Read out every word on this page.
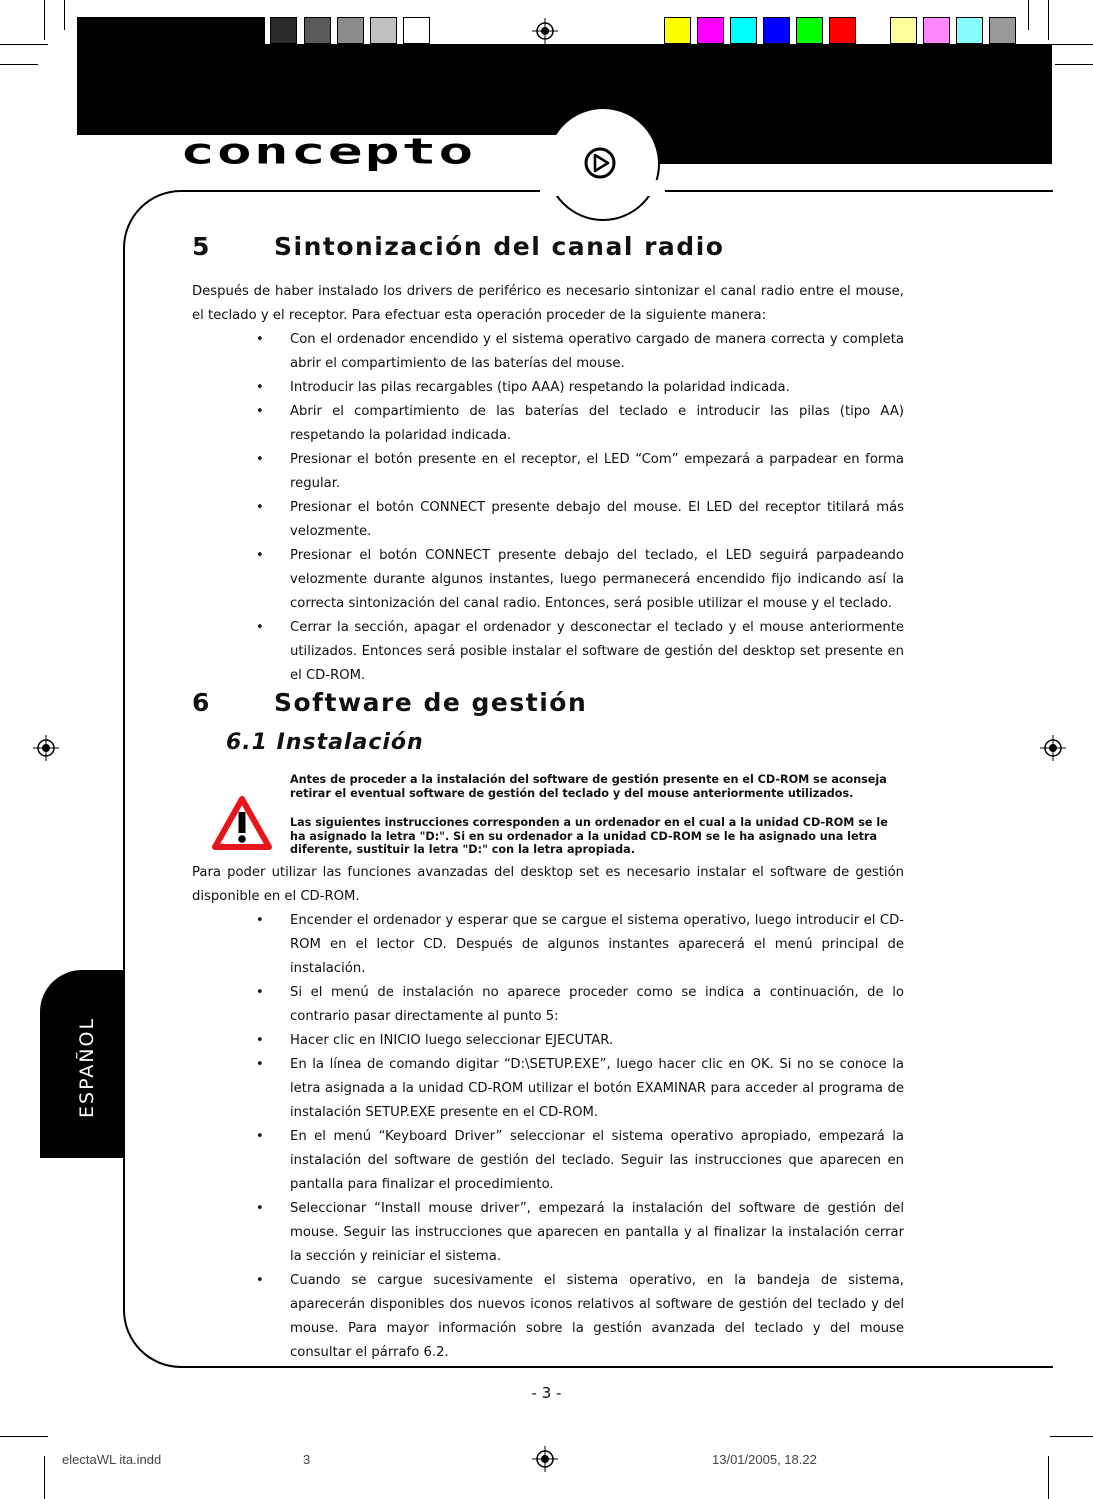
concepto
ESPAÑOL
5	Sintonización del canal radio

Después de haber instalado los drivers de periférico es necesario sintonizar el canal radio entre el mouse, el teclado y el receptor. Para efectuar esta operación proceder de la siguiente manera:

• Con el ordenador encendido y el sistema operativo cargado de manera correcta y completa abrir el compartimiento de las baterías del mouse.
• Introducir las pilas recargables (tipo AAA) respetando la polaridad indicada.
• Abrir el compartimiento de las baterías del teclado e introducir las pilas (tipo AA) respetando la polaridad indicada.
• Presionar el botón presente en el receptor, el LED “Com” empezará a parpadear en forma regular.
• Presionar el botón CONNECT presente debajo del mouse. El LED del receptor titilará más velozmente.
• Presionar el botón CONNECT presente debajo del teclado, el LED seguirá parpadeando velozmente durante algunos instantes, luego permanecerá encendido fijo indicando así la correcta sintonización del canal radio. Entonces, será posible utilizar el mouse y el teclado.
• Cerrar la sección, apagar el ordenador y desconectar el teclado y el mouse anteriormente utilizados. Entonces será posible instalar el software de gestión del desktop set presente en el CD-ROM.
6	Software de gestión
6.1 Instalación

Antes de proceder a la instalación del software de gestión presente en el CD-ROM se aconseja retirar el eventual software de gestión del teclado y del mouse anteriormente utilizados.

Las siguientes instrucciones corresponden a un ordenador en el cual a la unidad CD-ROM se le ha asignado la letra "D:". Si en su ordenador a la unidad CD-ROM se le ha asignado una letra diferente, sustituir la letra "D:" con la letra apropiada.

Para poder utilizar las funciones avanzadas del desktop set es necesario instalar el software de gestión disponible en el CD-ROM.

• Encender el ordenador y esperar que se cargue el sistema operativo, luego introducir el CD-ROM en el lector CD. Después de algunos instantes aparecerá el menú principal de instalación.
• Si el menú de instalación no aparece proceder como se indica a continuación, de lo contrario pasar directamente al punto 5:
• Hacer clic en INICIO luego seleccionar EJECUTAR.
• En la línea de comando digitar “D:\SETUP.EXE”, luego hacer clic en OK. Si no se conoce la letra asignada a la unidad CD-ROM utilizar el botón EXAMINAR para acceder al programa de instalación SETUP.EXE presente en el CD-ROM.
• En el menú “Keyboard Driver” seleccionar el sistema operativo apropiado, empezará la instalación del software de gestión del teclado. Seguir las instrucciones que aparecen en pantalla para finalizar el procedimiento.
• Seleccionar “Install mouse driver”, empezará la instalación del software de gestión del mouse. Seguir las instrucciones que aparecen en pantalla y al finalizar la instalación cerrar la sección y reiniciar el sistema.
• Cuando se cargue sucesivamente el sistema operativo, en la bandeja de sistema, aparecerán disponibles dos nuevos iconos relativos al software de gestión del teclado y del mouse. Para mayor información sobre la gestión avanzada del teclado y del mouse consultar el párrafo 6.2.
- 3 -
electaWL ita.indd	3	13/01/2005, 18.22
